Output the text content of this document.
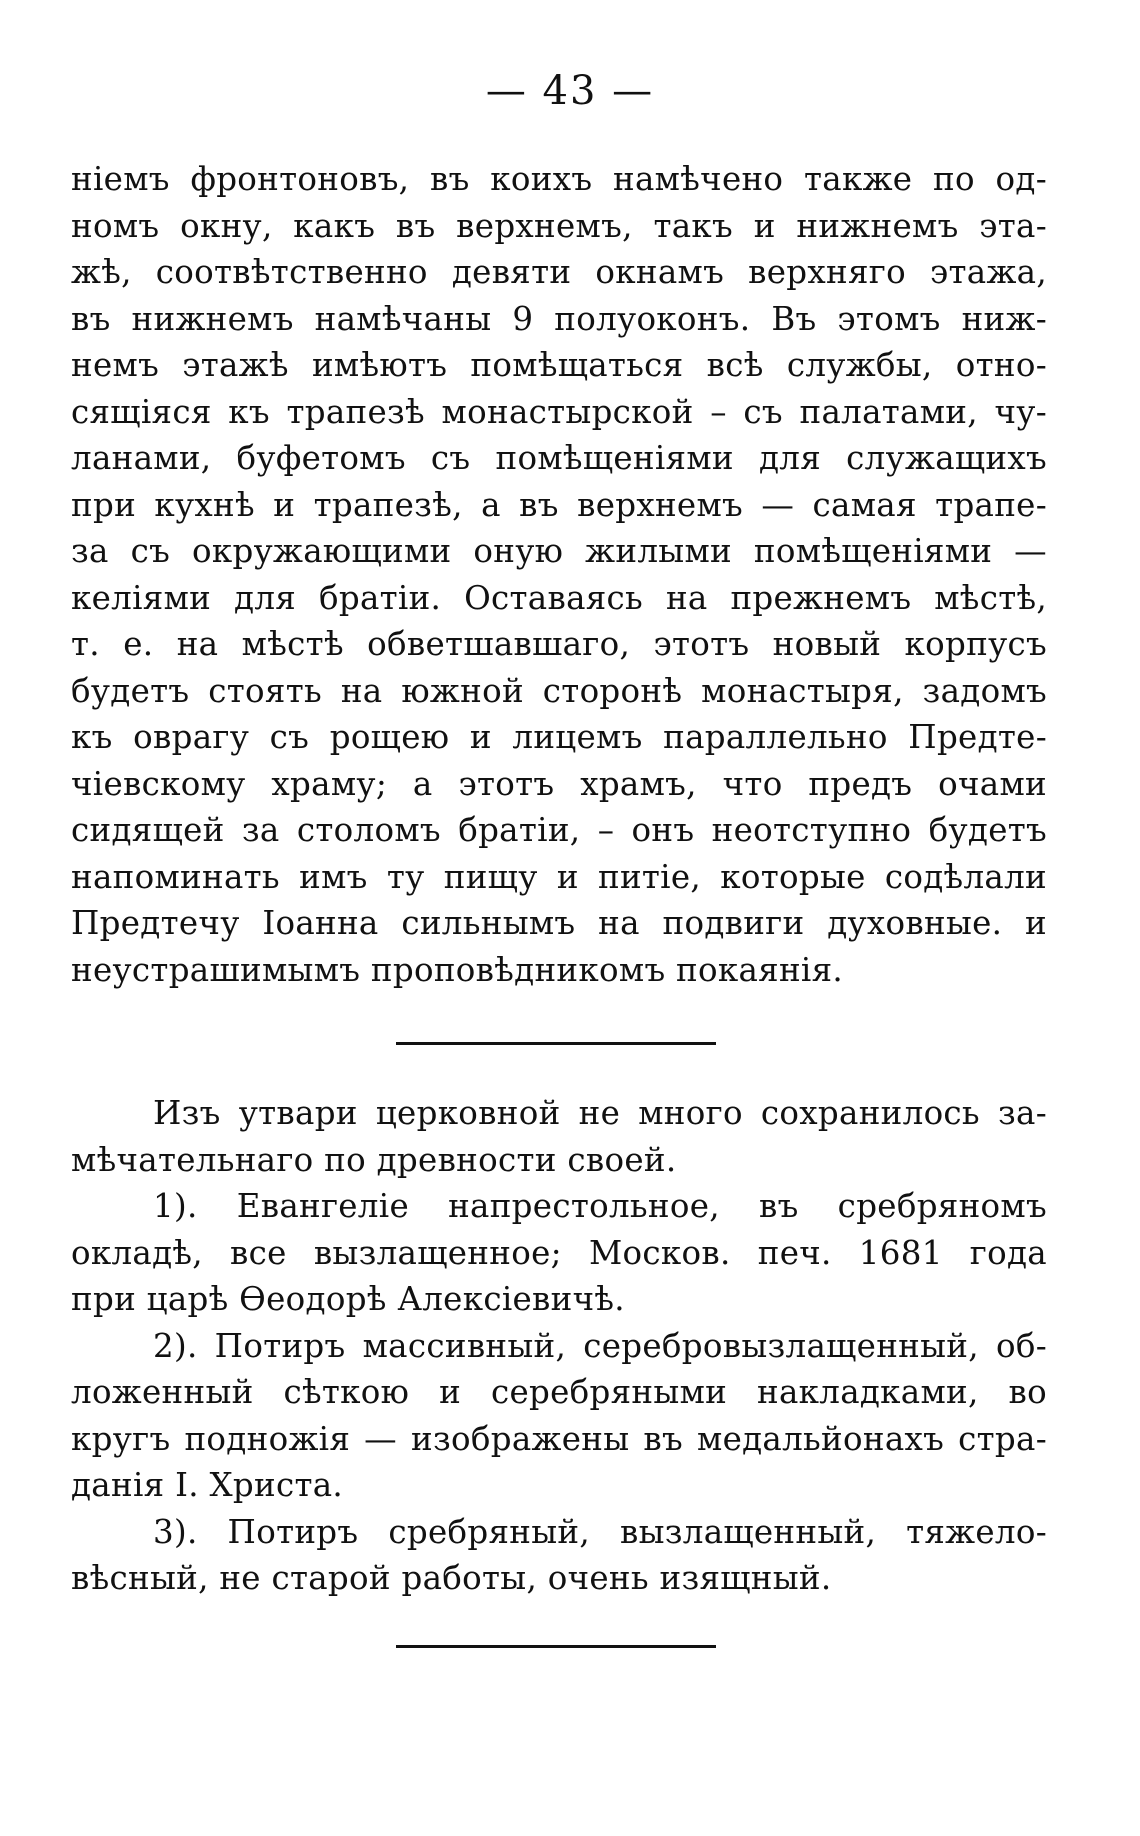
— 43 —
ніемъ фронтоновъ, въ коихъ намѣчено также по од-
номъ окну, какъ въ верхнемъ, такъ и нижнемъ эта-
жѣ, соотвѣтственно девяти окнамъ верхняго этажа,
въ нижнемъ намѣчаны 9 полуоконъ. Въ этомъ ниж-
немъ этажѣ имѣютъ помѣщаться всѣ службы, отно-
сящіяся къ трапезѣ монастырской – съ палатами, чу-
ланами, буфетомъ съ помѣщеніями для служащихъ
при кухнѣ и трапезѣ, а въ верхнемъ — самая трапе-
за съ окружающими оную жилыми помѣщеніями —
келіями для братіи. Оставаясь на прежнемъ мѣстѣ,
т. е. на мѣстѣ обветшавшаго, этотъ новый корпусъ
будетъ стоять на южной сторонѣ монастыря, задомъ
къ оврагу съ рощею и лицемъ параллельно Предте-
чіевскому храму; а этотъ храмъ, что предъ очами
сидящей за столомъ братіи, – онъ неотступно будетъ
напоминать имъ ту пищу и питіе, которые содѣлали
Предтечу Іоанна сильнымъ на подвиги духовные. и
неустрашимымъ проповѣдникомъ покаянія.
Изъ утвари церковной не много сохранилось за-
мѣчательнаго по древности своей.
1). Евангеліе напрестольное, въ сребряномъ
окладѣ, все вызлащенное; Москов. печ. 1681 года
при царѣ Ѳеодорѣ Алексіевичѣ.
2). Потиръ массивный, серебровызлащенный, об-
ложенный сѣткою и серебряными накладками, во
кругъ подножія — изображены въ медальйонахъ стра-
данія І. Христа.
3). Потиръ сребряный, вызлащенный, тяжело-
вѣсный, не старой работы, очень изящный.
